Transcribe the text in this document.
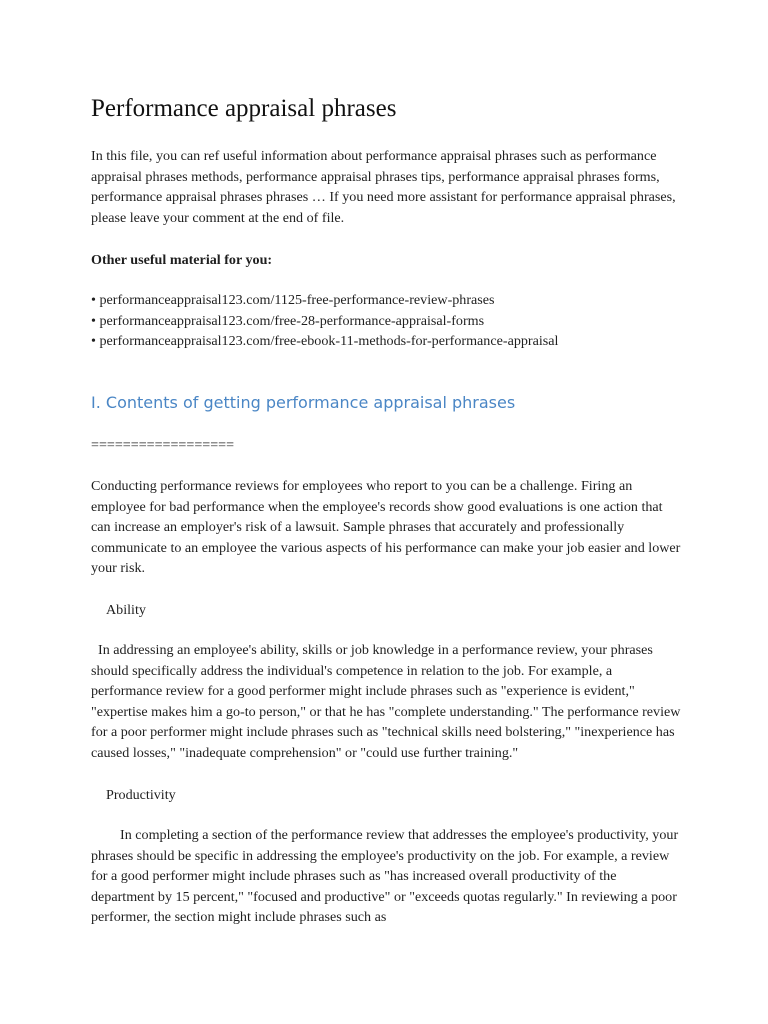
Performance appraisal phrases

In this file, you can ref useful information about performance appraisal phrases such as performance appraisal phrases methods, performance appraisal phrases tips, performance appraisal phrases forms, performance appraisal phrases phrases … If you need more assistant for performance appraisal phrases, please leave your comment at the end of file.

Other useful material for you:

• performanceappraisal123.com/1125-free-performance-review-phrases
• performanceappraisal123.com/free-28-performance-appraisal-forms
• performanceappraisal123.com/free-ebook-11-methods-for-performance-appraisal
I. Contents of getting performance appraisal phrases

==================

Conducting performance reviews for employees who report to you can be a challenge. Firing an employee for bad performance when the employee's records show good evaluations is one action that can increase an employer's risk of a lawsuit. Sample phrases that accurately and professionally communicate to an employee the various aspects of his performance can make your job easier and lower your risk.

Ability

In addressing an employee's ability, skills or job knowledge in a performance review, your phrases should specifically address the individual's competence in relation to the job. For example, a performance review for a good performer might include phrases such as "experience is evident," "expertise makes him a go-to person," or that he has "complete understanding." The performance review for a poor performer might include phrases such as "technical skills need bolstering," "inexperience has caused losses," "inadequate comprehension" or "could use further training."

Productivity

In completing a section of the performance review that addresses the employee's productivity, your phrases should be specific in addressing the employee's productivity on the job. For example, a review for a good performer might include phrases such as "has increased overall productivity of the department by 15 percent," "focused and productive" or "exceeds quotas regularly." In reviewing a poor performer, the section might include phrases such as
